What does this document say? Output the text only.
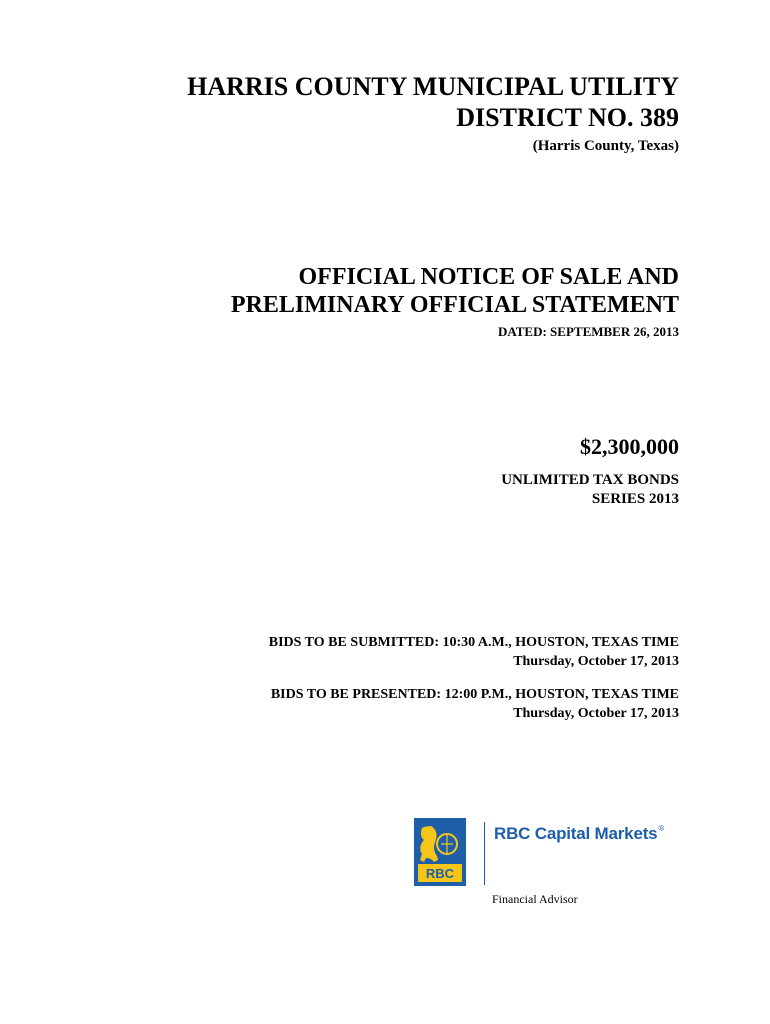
HARRIS COUNTY MUNICIPAL UTILITY
DISTRICT NO. 389
(Harris County, Texas)
OFFICIAL NOTICE OF SALE AND
PRELIMINARY OFFICIAL STATEMENT
DATED: SEPTEMBER 26, 2013
$2,300,000
UNLIMITED TAX BONDS
SERIES 2013
BIDS TO BE SUBMITTED: 10:30 A.M., HOUSTON, TEXAS TIME
Thursday, October 17, 2013
BIDS TO BE PRESENTED: 12:00 P.M., HOUSTON, TEXAS TIME
Thursday, October 17, 2013
RBC
RBC Capital Markets®
Financial Advisor
